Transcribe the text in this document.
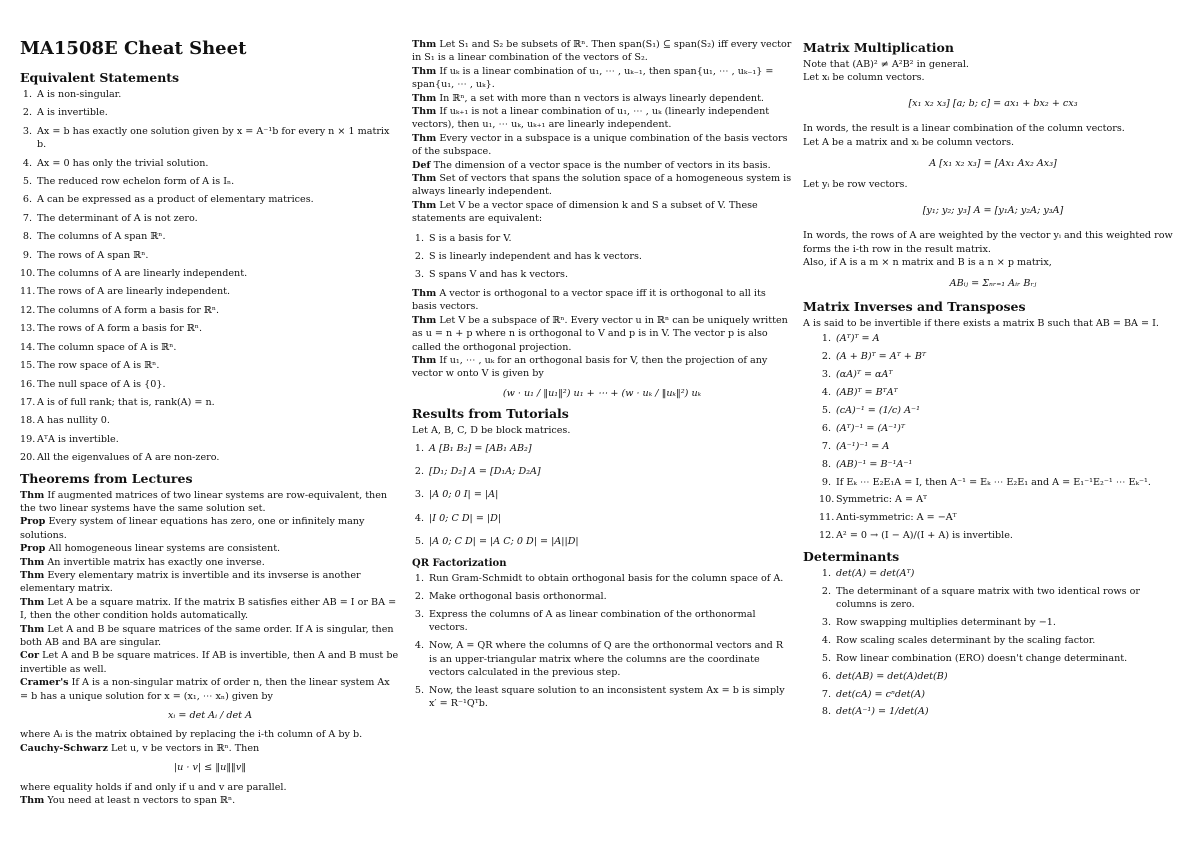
MA1508E Cheat Sheet
Equivalent Statements
1. A is non-singular.
2. A is invertible.
3. Ax = b has exactly one solution given by x = A⁻¹b for every n × 1 matrix b.
4. Ax = 0 has only the trivial solution.
5. The reduced row echelon form of A is Iₙ.
6. A can be expressed as a product of elementary matrices.
7. The determinant of A is not zero.
8. The columns of A span ℝⁿ.
9. The rows of A span ℝⁿ.
10. The columns of A are linearly independent.
11. The rows of A are linearly independent.
12. The columns of A form a basis for ℝⁿ.
13. The rows of A form a basis for ℝⁿ.
14. The column space of A is ℝⁿ.
15. The row space of A is ℝⁿ.
16. The null space of A is {0}.
17. A is of full rank; that is, rank(A) = n.
18. A has nullity 0.
19. AᵀA is invertible.
20. All the eigenvalues of A are non-zero.
Theorems from Lectures

Thm If augmented matrices of two linear systems are row-equivalent, then the two linear systems have the same solution set.

Prop Every system of linear equations has zero, one or infinitely many solutions.

Prop All homogeneous linear systems are consistent.

Thm An invertible matrix has exactly one inverse.

Thm Every elementary matrix is invertible and its invserse is another elementary matrix.

Thm Let A be a square matrix. If the matrix B satisfies either AB = I or BA = I, then the other condition holds automatically.

Thm Let A and B be square matrices of the same order. If A is singular, then both AB and BA are singular.

Cor Let A and B be square matrices. If AB is invertible, then A and B must be invertible as well.

Cramer's If A is a non-singular matrix of order n, then the linear system Ax = b has a unique solution for x = (x₁, ⋯ xₙ) given by

xᵢ = det Aᵢ / det A

where Aᵢ is the matrix obtained by replacing the i-th column of A by b.

Cauchy-Schwarz Let u, v be vectors in ℝⁿ. Then

|u · v| ≤ ‖u‖‖v‖

where equality holds if and only if u and v are parallel.

Thm You need at least n vectors to span ℝⁿ.

Thm Let S₁ and S₂ be subsets of ℝⁿ. Then span(S₁) ⊆ span(S₂) iff every vector in S₁ is a linear combination of the vectors of S₂.

Thm If uₖ is a linear combination of u₁, ⋯ , uₖ₋₁, then span{u₁, ⋯ , uₖ₋₁} = span{u₁, ⋯ , uₖ}.

Thm In ℝⁿ, a set with more than n vectors is always linearly dependent.

Thm If uₖ₊₁ is not a linear combination of u₁, ⋯ , uₖ (linearly independent vectors), then u₁, ⋯ uₖ, uₖ₊₁ are linearly independent.

Thm Every vector in a subspace is a unique combination of the basis vectors of the subspace.

Def The dimension of a vector space is the number of vectors in its basis.

Thm Set of vectors that spans the solution space of a homogeneous system is always linearly independent.

Thm Let V be a vector space of dimension k and S a subset of V. These statements are equivalent:

1. S is a basis for V.
2. S is linearly independent and has k vectors.
3. S spans V and has k vectors.

Thm A vector is orthogonal to a vector space iff it is orthogonal to all its basis vectors.

Thm Let V be a subspace of ℝⁿ. Every vector u in ℝⁿ can be uniquely written as u = n + p where n is orthogonal to V and p is in V. The vector p is also called the orthogonal projection.

Thm If u₁, ⋯ , uₖ for an orthogonal basis for V, then the projection of any vector w onto V is given by

(w · u₁ / ‖u₁‖²) u₁ + ⋯ + (w · uₖ / ‖uₖ‖²) uₖ

Results from Tutorials

Let A, B, C, D be block matrices.

1. A [B₁ B₂] = [AB₁ AB₂]
2. [D₁; D₂] A = [D₁A; D₂A]
3. |A 0; 0 I| = |A|
4. |I 0; C D| = |D|
5. |A 0; C D| = |A C; 0 D| = |A||D|
QR Factorization
1. Run Gram-Schmidt to obtain orthogonal basis for the column space of A.
2. Make orthogonal basis orthonormal.
3. Express the columns of A as linear combination of the orthonormal vectors.
4. Now, A = QR where the columns of Q are the orthonormal vectors and R is an upper-triangular matrix where the columns are the coordinate vectors calculated in the previous step.
5. Now, the least square solution to an inconsistent system Ax = b is simply x′ = R⁻¹Qᵀb.
Matrix Multiplication

Note that (AB)² ≠ A²B² in general.

Let xᵢ be column vectors.

[x₁ x₂ x₃] [a; b; c] = ax₁ + bx₂ + cx₃

In words, the result is a linear combination of the column vectors.

Let A be a matrix and xᵢ be column vectors.

A [x₁ x₂ x₃] = [Ax₁ Ax₂ Ax₃]

Let yᵢ be row vectors.

[y₁; y₂; y₃] A = [y₁A; y₂A; y₃A]

In words, the rows of A are weighted by the vector yᵢ and this weighted row forms the i-th row in the result matrix.

Also, if A is a m × n matrix and B is a n × p matrix,

ABᵢⱼ = Σₙᵣ₌₁ Aᵢᵣ Bᵣⱼ

Matrix Inverses and Transposes

A is said to be invertible if there exists a matrix B such that AB = BA = I.

1. (Aᵀ)ᵀ = A
2. (A + B)ᵀ = Aᵀ + Bᵀ
3. (αA)ᵀ = αAᵀ
4. (AB)ᵀ = BᵀAᵀ
5. (cA)⁻¹ = (1/c) A⁻¹
6. (Aᵀ)⁻¹ = (A⁻¹)ᵀ
7. (A⁻¹)⁻¹ = A
8. (AB)⁻¹ = B⁻¹A⁻¹
9. If Eₖ ⋯ E₂E₁A = I, then A⁻¹ = Eₖ ⋯ E₂E₁ and A = E₁⁻¹E₂⁻¹ ⋯ Eₖ⁻¹.
10. Symmetric: A = Aᵀ
11. Anti-symmetric: A = −Aᵀ
12. A² = 0 → (I − A)/(I + A) is invertible.
Determinants
1. det(A) = det(Aᵀ)
2. The determinant of a square matrix with two identical rows or columns is zero.
3. Row swapping multiplies determinant by −1.
4. Row scaling scales determinant by the scaling factor.
5. Row linear combination (ERO) doesn't change determinant.
6. det(AB) = det(A)det(B)
7. det(cA) = cⁿdet(A)
8. det(A⁻¹) = 1/det(A)
